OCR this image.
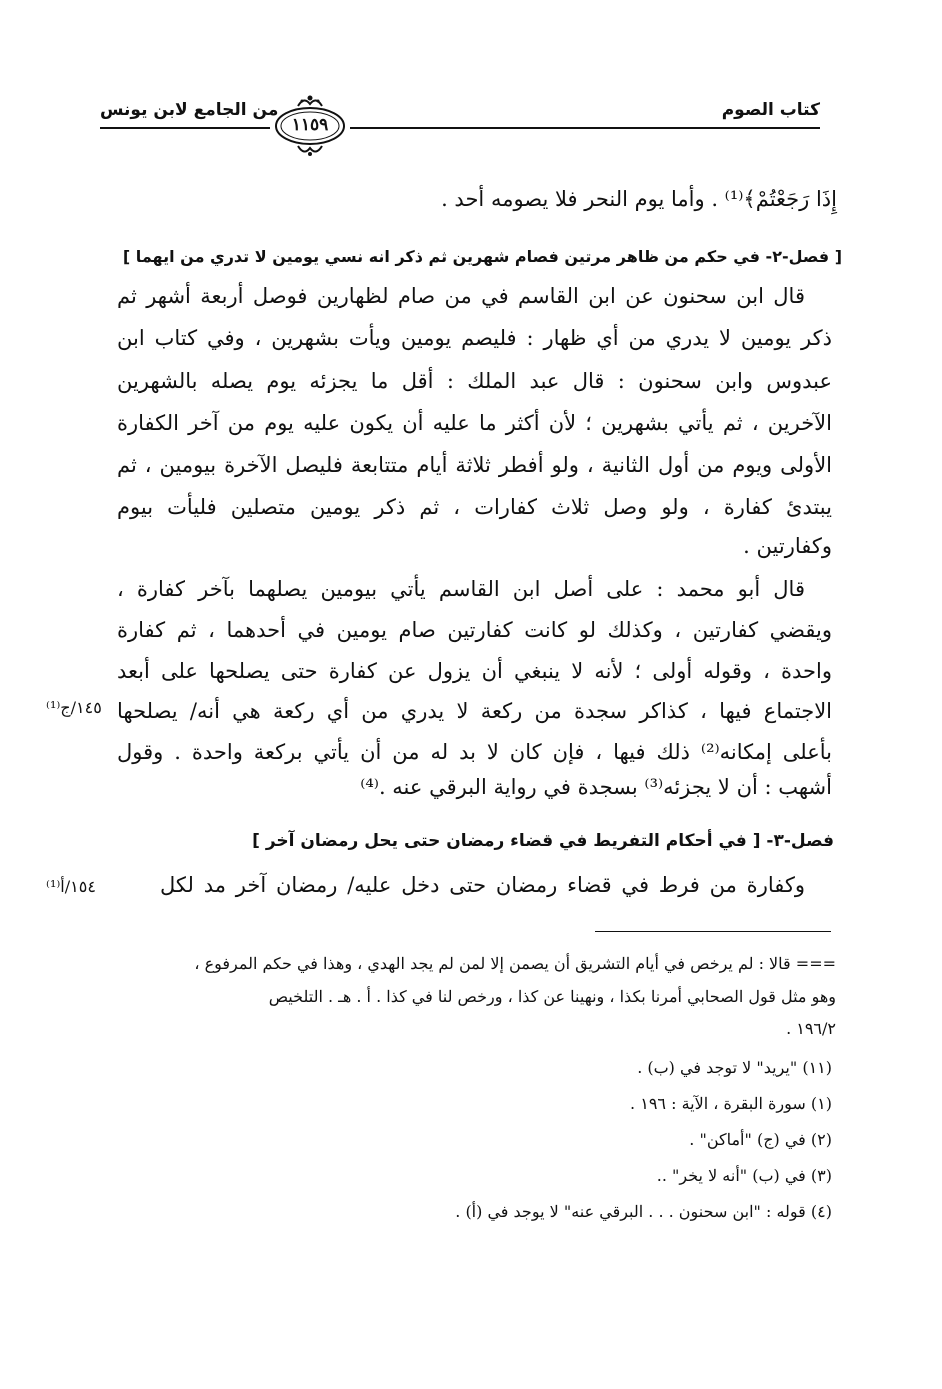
كتاب الصوم
من الجامع لابن يونس
١١٥٩
إِذَا رَجَعْتُمْ﴾⁽¹⁾ . وأما يوم النحر فلا يصومه أحد .
[ فصل-٢- في حكم من ظاهر مرتين فصام شهرين ثم ذكر انه نسي يومين لا تدري من ايهما ]
قال ابن سحنون عن ابن القاسم في من صام لظهارين فوصل أربعة أشهر ثم
ذكر يومين لا يدري من أي ظهار : فليصم يومين ويأت بشهرين ، وفي كتاب ابن
عبدوس وابن سحنون : قال عبد الملك : أقل ما يجزئه يوم يصله بالشهرين
الآخرين ، ثم يأتي بشهرين ؛ لأن أكثر ما عليه أن يكون عليه يوم من آخر الكفارة
الأولى ويوم من أول الثانية ، ولو أفطر ثلاثة أيام متتابعة فليصل الآخرة بيومين ، ثم
يبتدئ كفارة ، ولو وصل ثلاث كفارات ، ثم ذكر يومين متصلين فليأت بيوم
وكفارتين .
قال أبو محمد : على أصل ابن القاسم يأتي بيومين يصلهما بآخر كفارة ،
ويقضي كفارتين ، وكذلك لو كانت كفارتين صام يومين في أحدهما ، ثم كفارة
واحدة ، وقوله أولى ؛ لأنه لا ينبغي أن يزول عن كفارة حتى يصلحها على أبعد
الاجتماع فيها ، كذاكر سجدة من ركعة لا يدري من أي ركعة هي أنه/ يصلحها
بأعلى إمكانه⁽²⁾ ذلك فيها ، فإن كان لا بد له من أن يأتي بركعة واحدة . وقول
أشهب : أن لا يجزئه⁽³⁾ بسجدة في رواية البرقي عنه .⁽⁴⁾
فصل-٣- [ في أحكام التفريط في قضاء رمضان حتى يحل رمضان آخر ]
وكفارة من فرط في قضاء رمضان حتى دخل عليه/ رمضان آخر مد لكل
١٤٥/ج⁽¹⁾
١٥٤/أ⁽¹⁾
=== قالا : لم يرخص في أيام التشريق أن يصمن إلا لمن لم يجد الهدي ، وهذا في حكم المرفوع ،
وهو مثل قول الصحابي أمرنا بكذا ، ونهينا عن كذا ، ورخص لنا في كذا . أ . هـ . التلخيص
١٩٦/٢ .
(١١) "يريد" لا توجد في (ب) .
(١) سورة البقرة ، الآية : ١٩٦ .
(٢) في (ج) "أماكن" .
(٣) في (ب) "أنه لا يخر" ..
(٤) قوله : "ابن سحنون . . . البرقي عنه" لا يوجد في (أ) .
